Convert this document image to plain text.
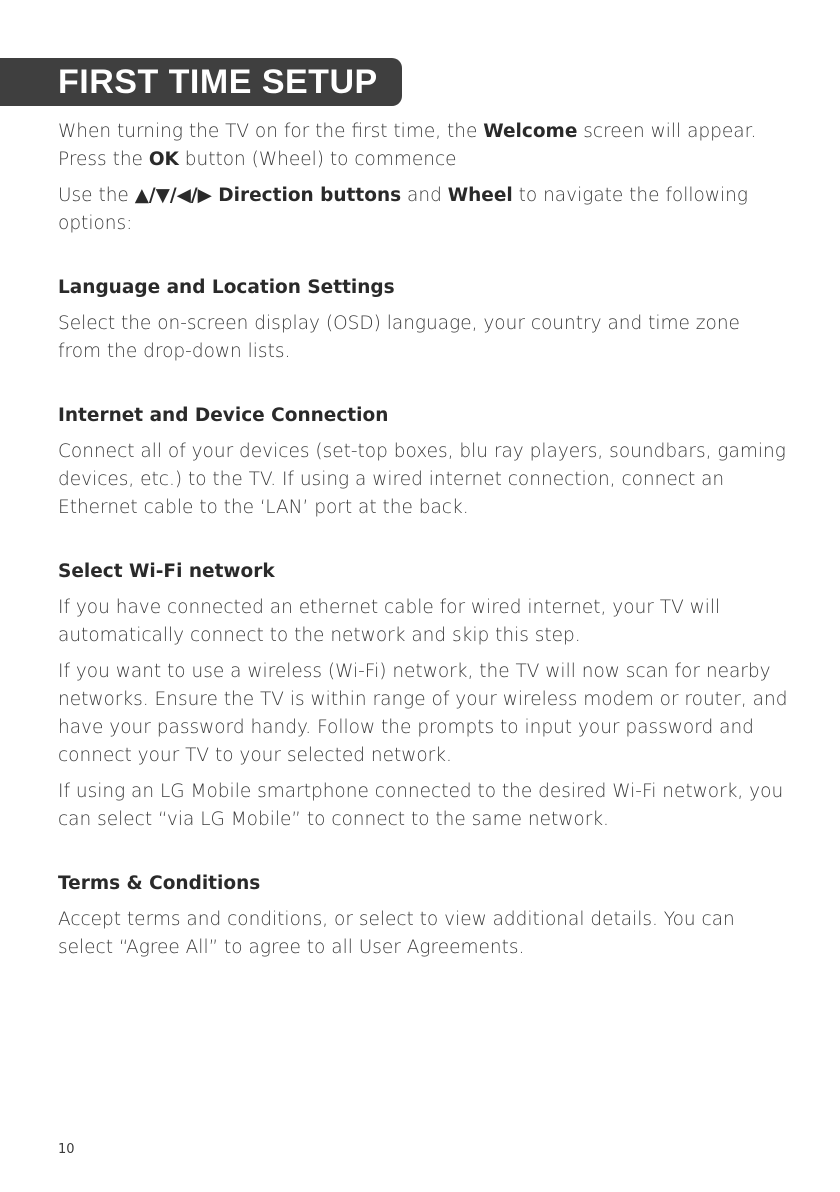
FIRST TIME SETUP

When turning the TV on for the first time, the Welcome screen will appear. Press the OK button (Wheel) to commence

Use the ▲/▼/◀/▶ Direction buttons and Wheel to navigate the following options:

Language and Location Settings

Select the on-screen display (OSD) language, your country and time zone from the drop-down lists.

Internet and Device Connection

Connect all of your devices (set-top boxes, blu ray players, soundbars, gaming devices, etc.) to the TV. If using a wired internet connection, connect an Ethernet cable to the ‘LAN’ port at the back.

Select Wi-Fi network

If you have connected an ethernet cable for wired internet, your TV will automatically connect to the network and skip this step.

If you want to use a wireless (Wi-Fi) network, the TV will now scan for nearby networks. Ensure the TV is within range of your wireless modem or router, and have your password handy. Follow the prompts to input your password and connect your TV to your selected network.

If using an LG Mobile smartphone connected to the desired Wi-Fi network, you can select “via LG Mobile” to connect to the same network.

Terms & Conditions

Accept terms and conditions, or select to view additional details. You can select “Agree All” to agree to all User Agreements.

10
